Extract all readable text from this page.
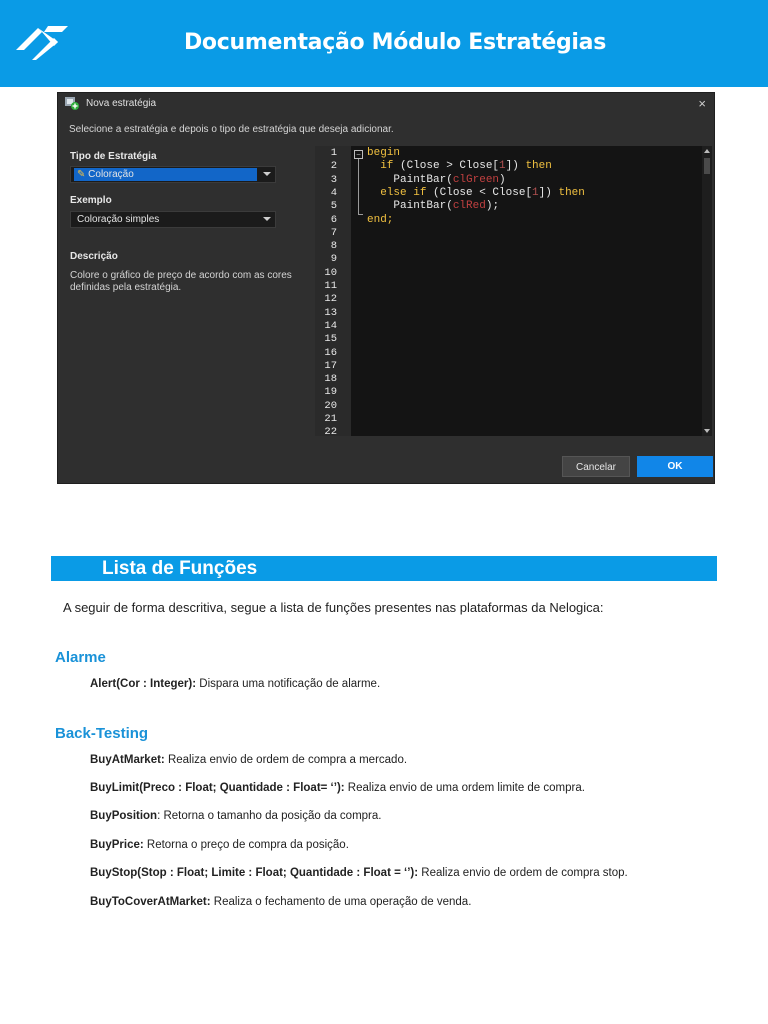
Documentação Módulo Estratégias
Nova estratégia	×
Selecione a estratégia e depois o tipo de estratégia que deseja adicionar.
Tipo de Estratégia
✎ Coloração
Exemplo
Coloração simples
Descrição
Colore o gráfico de preço de acordo com as cores definidas pela estratégia.
1
2
3
4
5
6
7
8
9
10
11
12
13
14
15
16
17
18
19
20
21
22
− begin
if (Close > Close[1]) then
PaintBar(clGreen)
else if (Close < Close[1]) then
PaintBar(clRed);
end;
Cancelar	OK
Lista de Funções
A seguir de forma descritiva, segue a lista de funções presentes nas plataformas da Nelogica:
Alarme
Alert(Cor : Integer): Dispara uma notificação de alarme.
Back-Testing
BuyAtMarket: Realiza envio de ordem de compra a mercado.
BuyLimit(Preco : Float; Quantidade : Float= ‘’): Realiza envio de uma ordem limite de compra.
BuyPosition: Retorna o tamanho da posição da compra.
BuyPrice: Retorna o preço de compra da posição.
BuyStop(Stop : Float; Limite : Float; Quantidade : Float = ‘’): Realiza envio de ordem de compra stop.
BuyToCoverAtMarket: Realiza o fechamento de uma operação de venda.
